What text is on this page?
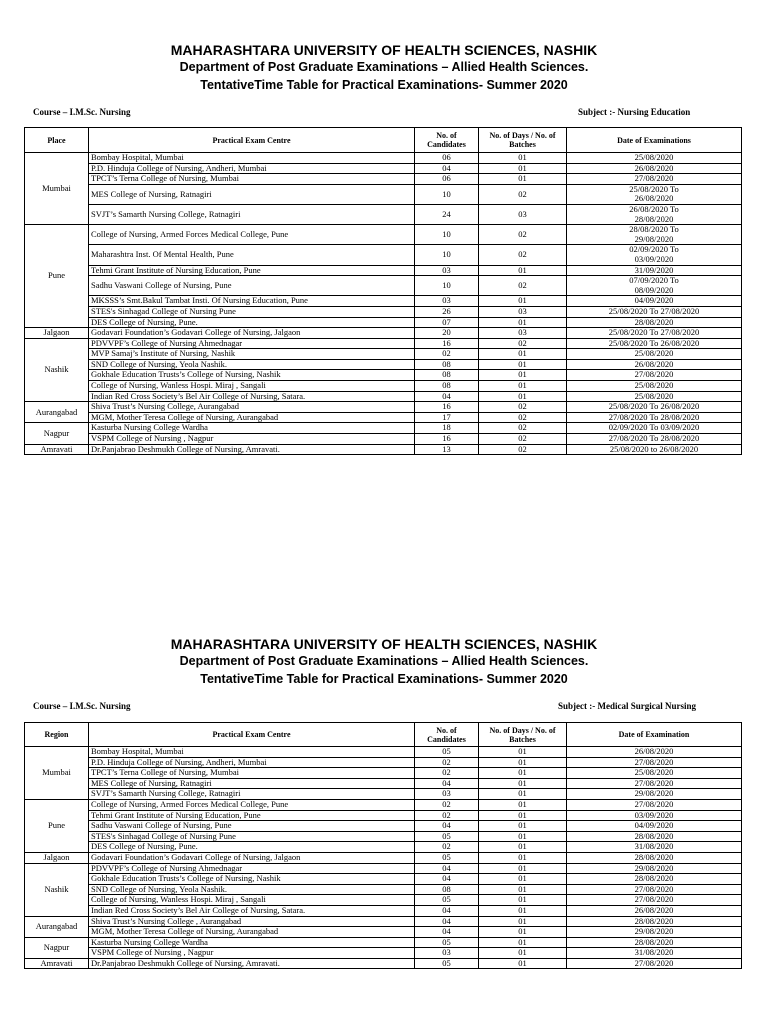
MAHARASHTARA UNIVERSITY OF HEALTH SCIENCES, NASHIK
Department of Post Graduate Examinations – Allied Health Sciences.
TentativeTime Table for Practical Examinations- Summer 2020
Course – I.M.Sc. Nursing	Subject :- Nursing Education
Place	Practical Exam Centre	No. of Candidates	No. of Days / No. of Batches	Date of Examinations
Mumbai	Bombay Hospital, Mumbai	06	01	25/08/2020
	P.D. Hinduja College of Nursing, Andheri, Mumbai	04	01	26/08/2020
	TPCT’s Terna College of Nursing, Mumbai	06	01	27/08/2020
	MES College of Nursing, Ratnagiri	10	02	25/08/2020 To
26/08/2020
	SVJT’s Samarth Nursing College, Ratnagiri	24	03	26/08/2020 To
28/08/2020
Pune	College of Nursing, Armed Forces Medical College, Pune	10	02	28/08/2020 To
29/08/2020
	Maharashtra Inst. Of Mental Health, Pune	10	02	02/09/2020 To
03/09/2020
	Tehmi Grant Institute of Nursing Education, Pune	03	01	31/09/2020
	Sadhu Vaswani College of Nursing, Pune	10	02	07/09/2020 To
08/09/2020
	MKSSS’s Smt.Bakul Tambat Insti. Of Nursing Education, Pune	03	01	04/09/2020
	STES's Sinhagad College of Nursing Pune	26	03	25/08/2020 To 27/08/2020
	DES College of Nursing, Pune.	07	01	28/08/2020
Jalgaon	Godavari Foundation’s Godavari College of Nursing, Jalgaon	20	03	25/08/2020 To 27/08/2020
Nashik	PDVVPF’s College of Nursing Ahmednagar	16	02	25/08/2020 To 26/08/2020
	MVP Samaj’s Institute of Nursing, Nashik	02	01	25/08/2020
	SND College of Nursing, Yeola Nashik.	08	01	26/08/2020
	Gokhale Education Trusts’s College of Nursing, Nashik	08	01	27/08/2020
	College of Nursing, Wanless Hospi. Miraj , Sangali	08	01	25/08/2020
	Indian Red Cross Society’s Bel Air College of Nursing, Satara.	04	01	25/08/2020
Aurangabad	Shiva Trust’s Nursing College, Aurangabad	16	02	25/08/2020 To 26/08/2020
	MGM, Mother Teresa College of Nursing, Aurangabad	17	02	27/08/2020 To 28/08/2020
Nagpur	Kasturba Nursing College Wardha	18	02	02/09/2020 To 03/09/2020
	VSPM College of Nursing , Nagpur	16	02	27/08/2020 To 28/08/2020
Amravati	Dr.Panjabrao Deshmukh College of Nursing, Amravati.	13	02	25/08/2020 to 26/08/2020
MAHARASHTARA UNIVERSITY OF HEALTH SCIENCES, NASHIK
Department of Post Graduate Examinations – Allied Health Sciences.
TentativeTime Table for Practical Examinations- Summer 2020
Course – I.M.Sc. Nursing	Subject :- Medical Surgical Nursing
Region	Practical Exam Centre	No. of Candidates	No. of Days / No. of Batches	Date of Examination
Mumbai	Bombay Hospital, Mumbai	05	01	26/08/2020
	P.D. Hinduja College of Nursing, Andheri, Mumbai	02	01	27/08/2020
	TPCT’s Terna College of Nursing, Mumbai	02	01	25/08/2020
	MES College of Nursing, Ratnagiri	04	01	27/08/2020
	SVJT’s Samarth Nursing College, Ratnagiri	03	01	29/08/2020
Pune	College of Nursing, Armed Forces Medical College, Pune	02	01	27/08/2020
	Tehmi Grant Institute of Nursing Education, Pune	02	01	03/09/2020
	Sadhu Vaswani College of Nursing, Pune	04	01	04/09/2020
	STES's Sinhagad College of Nursing Pune	05	01	28/08/2020
	DES College of Nursing, Pune.	02	01	31/08/2020
Jalgaon	Godavari Foundation’s Godavari College of Nursing, Jalgaon	05	01	28/08/2020
Nashik	PDVVPF’s College of Nursing Ahmednagar	04	01	29/08/2020
	Gokhale Education Trusts’s College of Nursing, Nashik	04	01	28/08/2020
	SND College of Nursing, Yeola Nashik.	08	01	27/08/2020
	College of Nursing, Wanless Hospi. Miraj , Sangali	05	01	27/08/2020
	Indian Red Cross Society’s Bel Air College of Nursing, Satara.	04	01	26/08/2020
Aurangabad	Shiva Trust’s Nursing College , Aurangabad	04	01	28/08/2020
	MGM, Mother Teresa College of Nursing, Aurangabad	04	01	29/08/2020
Nagpur	Kasturba Nursing College Wardha	05	01	28/08/2020
	VSPM College of Nursing , Nagpur	03	01	31/08/2020
Amravati	Dr.Panjabrao Deshmukh College of Nursing, Amravati.	05	01	27/08/2020
